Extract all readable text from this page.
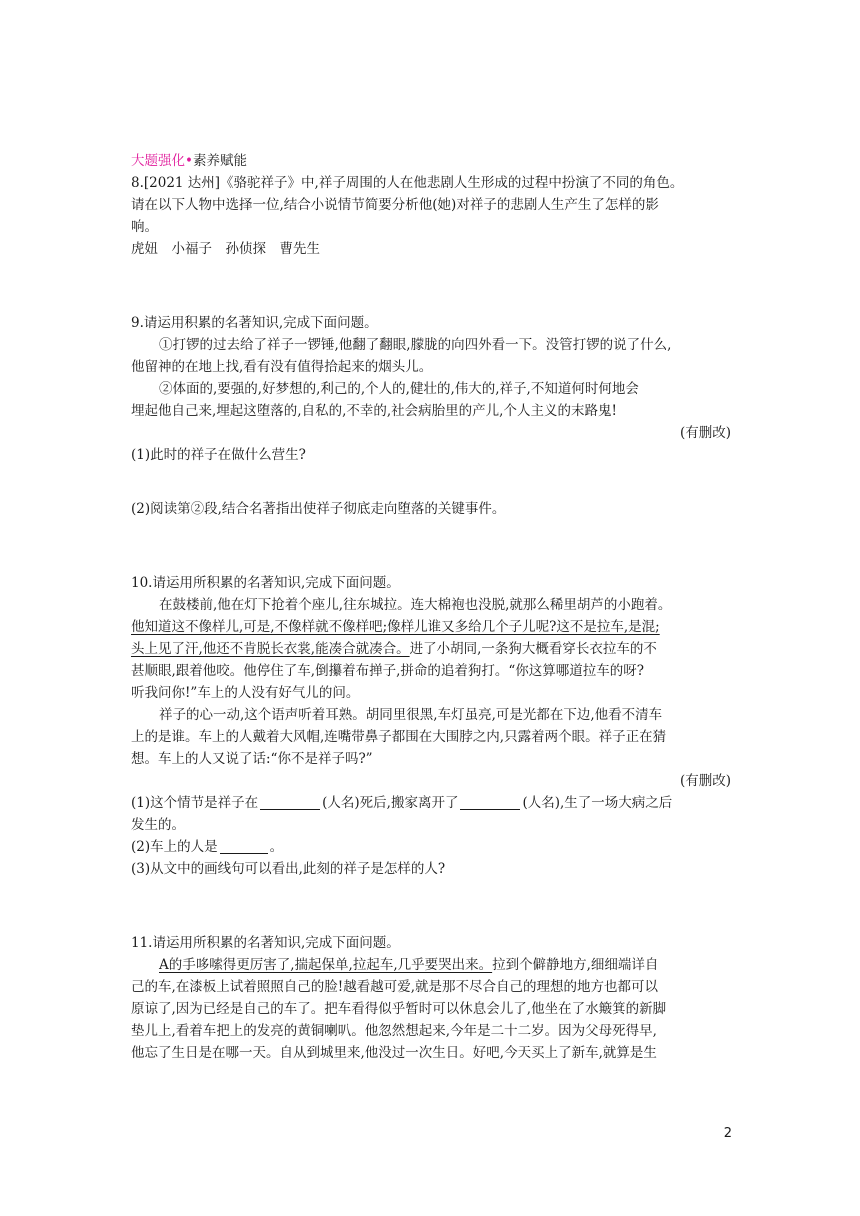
大题强化•素养赋能
8.[2021 达州]《骆驼祥子》中,祥子周围的人在他悲剧人生形成的过程中扮演了不同的角色。
请在以下人物中选择一位,结合小说情节简要分析他(她)对祥子的悲剧人生产生了怎样的影
响。
虎妞　小福子　孙侦探　曹先生
9.请运用积累的名著知识,完成下面问题。
①打锣的过去给了祥子一锣锤,他翻了翻眼,朦胧的向四外看一下。没管打锣的说了什么,
他留神的在地上找,看有没有值得拾起来的烟头儿。
②体面的,要强的,好梦想的,利己的,个人的,健壮的,伟大的,祥子,不知道何时何地会
埋起他自己来,埋起这堕落的,自私的,不幸的,社会病胎里的产儿,个人主义的末路鬼!
(有删改)
(1)此时的祥子在做什么营生?
(2)阅读第②段,结合名著指出使祥子彻底走向堕落的关键事件。
10.请运用所积累的名著知识,完成下面问题。
在鼓楼前,他在灯下抢着个座儿,往东城拉。连大棉袍也没脱,就那么稀里胡芦的小跑着。
他知道这不像样儿,可是,不像样就不像样吧;像样儿谁又多给几个子儿呢?这不是拉车,是混;
头上见了汗,他还不肯脱长衣裳,能凑合就凑合。进了小胡同,一条狗大概看穿长衣拉车的不
甚顺眼,跟着他咬。他停住了车,倒攥着布掸子,拼命的追着狗打。“你这算哪道拉车的呀?
听我问你!”车上的人没有好气儿的问。
祥子的心一动,这个语声听着耳熟。胡同里很黑,车灯虽亮,可是光都在下边,他看不清车
上的是谁。车上的人戴着大风帽,连嘴带鼻子都围在大围脖之内,只露着两个眼。祥子正在猜
想。车上的人又说了话:“你不是祥子吗?”
(有删改)
(1)这个情节是祥子在	(人名)死后,搬家离开了	(人名),生了一场大病之后
发生的。
(2)车上的人是	。
(3)从文中的画线句可以看出,此刻的祥子是怎样的人?
11.请运用所积累的名著知识,完成下面问题。
A的手哆嗦得更厉害了,揣起保单,拉起车,几乎要哭出来。拉到个僻静地方,细细端详自
己的车,在漆板上试着照照自己的脸!越看越可爱,就是那不尽合自己的理想的地方也都可以
原谅了,因为已经是自己的车了。把车看得似乎暂时可以休息会儿了,他坐在了水簸箕的新脚
垫儿上,看着车把上的发亮的黄铜喇叭。他忽然想起来,今年是二十二岁。因为父母死得早,
他忘了生日是在哪一天。自从到城里来,他没过一次生日。好吧,今天买上了新车,就算是生
2
